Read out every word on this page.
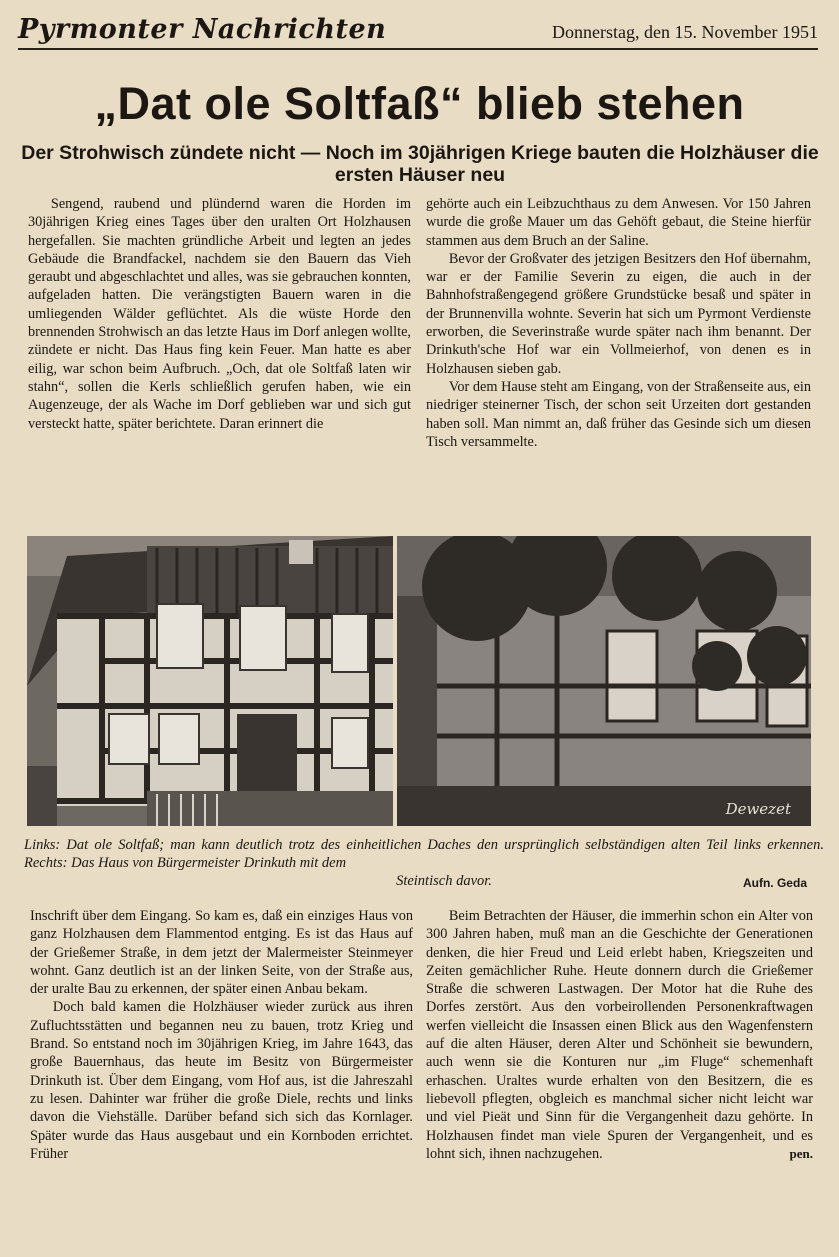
Pyrmonter Nachrichten	Donnerstag, den 15. November 1951
„Dat ole Soltfaß“ blieb stehen
Der Strohwisch zündete nicht — Noch im 30jährigen Kriege bauten die Holzhäuser die ersten Häuser neu

Sengend, raubend und plündernd waren die Horden im 30jährigen Krieg eines Tages über den uralten Ort Holzhausen hergefallen. Sie machten gründliche Arbeit und legten an jedes Gebäude die Brandfackel, nachdem sie den Bauern das Vieh geraubt und abgeschlachtet und alles, was sie gebrauchen konnten, aufgeladen hatten. Die verängstigten Bauern waren in die umliegenden Wälder geflüchtet. Als die wüste Horde den brennenden Strohwisch an das letzte Haus im Dorf anlegen wollte, zündete er nicht. Das Haus fing kein Feuer. Man hatte es aber eilig, war schon beim Aufbruch. „Och, dat ole Soltfaß laten wir stahn“, sollen die Kerls schließlich gerufen haben, wie ein Augenzeuge, der als Wache im Dorf geblieben war und sich gut versteckt hatte, später berichtete. Daran erinnert die

gehörte auch ein Leibzuchthaus zu dem Anwesen. Vor 150 Jahren wurde die große Mauer um das Gehöft gebaut, die Steine hierfür stammen aus dem Bruch an der Saline.

Bevor der Großvater des jetzigen Besitzers den Hof übernahm, war er der Familie Severin zu eigen, die auch in der Bahnhofstraßengegend größere Grundstücke besaß und später in der Brunnenvilla wohnte. Severin hat sich um Pyrmont Verdienste erworben, die Severinstraße wurde später nach ihm benannt. Der Drinkuth'sche Hof war ein Vollmeierhof, von denen es in Holzhausen sieben gab.

Vor dem Hause steht am Eingang, von der Straßenseite aus, ein niedriger steinerner Tisch, der schon seit Urzeiten dort gestanden haben soll. Man nimmt an, daß früher das Gesinde sich um diesen Tisch versammelte.

Dewezet
Links: Dat ole Soltfaß; man kann deutlich trotz des einheitlichen Daches den ursprünglich selbständigen alten Teil links erkennen. Rechts: Das Haus von Bürgermeister Drinkuth mit dem
Steintisch davor.	Aufn. Geda

Inschrift über dem Eingang. So kam es, daß ein einziges Haus von ganz Holzhausen dem Flammentod entging. Es ist das Haus auf der Grießemer Straße, in dem jetzt der Malermeister Steinmeyer wohnt. Ganz deutlich ist an der linken Seite, von der Straße aus, der uralte Bau zu erkennen, der später einen Anbau bekam.

Doch bald kamen die Holzhäuser wieder zurück aus ihren Zufluchtsstätten und begannen neu zu bauen, trotz Krieg und Brand. So entstand noch im 30jährigen Krieg, im Jahre 1643, das große Bauernhaus, das heute im Besitz von Bürgermeister Drinkuth ist. Über dem Eingang, vom Hof aus, ist die Jahreszahl zu lesen. Dahinter war früher die große Diele, rechts und links davon die Viehställe. Darüber befand sich sich das Kornlager. Später wurde das Haus ausgebaut und ein Kornboden errichtet. Früher

Beim Betrachten der Häuser, die immerhin schon ein Alter von 300 Jahren haben, muß man an die Geschichte der Generationen denken, die hier Freud und Leid erlebt haben, Kriegszeiten und Zeiten gemächlicher Ruhe. Heute donnern durch die Grießemer Straße die schweren Lastwagen. Der Motor hat die Ruhe des Dorfes zerstört. Aus den vorbeirollenden Personenkraftwagen werfen vielleicht die Insassen einen Blick aus den Wagenfenstern auf die alten Häuser, deren Alter und Schönheit sie bewundern, auch wenn sie die Konturen nur „im Fluge“ schemenhaft erhaschen. Uraltes wurde erhalten von den Besitzern, die es liebevoll pflegten, obgleich es manchmal sicher nicht leicht war und viel Pieät und Sinn für die Vergangenheit dazu gehörte. In Holzhausen findet man viele Spuren der Vergangenheit, und es lohnt sich, ihnen nachzugehen.	pen.
